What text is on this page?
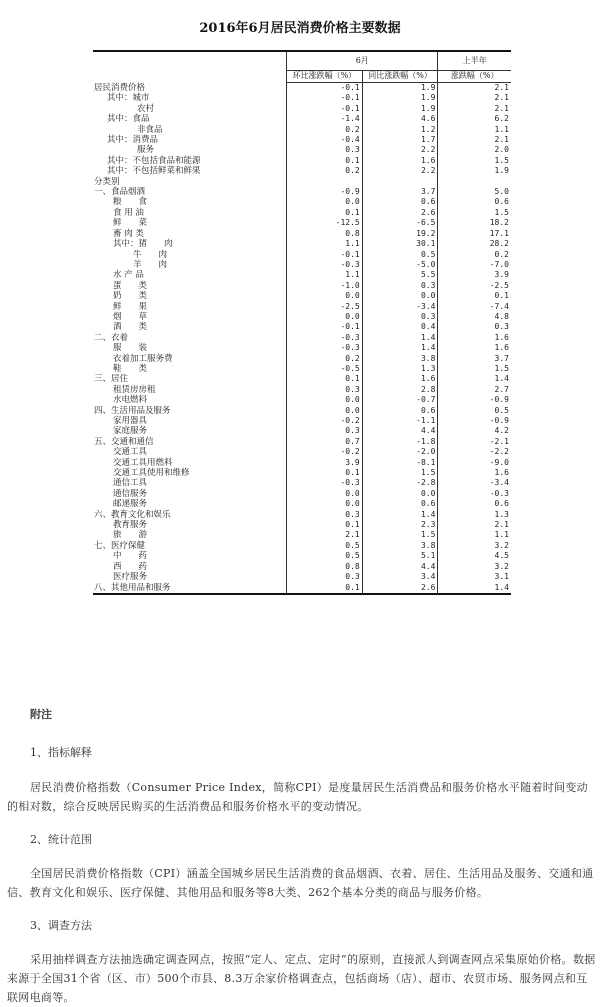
2016年6月居民消费价格主要数据
	6月		上半年
	环比涨跌幅（%）	同比涨跌幅（%）	涨跌幅（%）
居民消费价格	-0.1	1.9	2.1
其中：城市	-0.1	1.9	2.1
农村	-0.1	1.9	2.1
其中：食品	-1.4	4.6	6.2
非食品	0.2	1.2	1.1
其中：消费品	-0.4	1.7	2.1
服务	0.3	2.2	2.0
其中：不包括食品和能源	0.1	1.6	1.5
其中：不包括鲜菜和鲜果	0.2	2.2	1.9
分类别			
一、食品烟酒	-0.9	3.7	5.0
粮　　食	0.0	0.6	0.6
食 用 油	0.1	2.6	1.5
鲜　　菜	-12.5	-6.5	18.2
畜 肉 类	0.8	19.2	17.1
其中：猪　　肉	1.1	30.1	28.2
牛　　肉	-0.1	0.5	0.2
羊　　肉	-0.3	-5.0	-7.0
水 产 品	1.1	5.5	3.9
蛋　　类	-1.0	0.3	-2.5
奶　　类	0.0	0.0	0.1
鲜　　果	-2.5	-3.4	-7.4
烟　　草	0.0	0.3	4.8
酒　　类	-0.1	0.4	0.3
二、衣着	-0.3	1.4	1.6
服　　装	-0.3	1.4	1.6
衣着加工服务费	0.2	3.8	3.7
鞋　　类	-0.5	1.3	1.5
三、居住	0.1	1.6	1.4
租赁房房租	0.3	2.8	2.7
水电燃料	0.0	-0.7	-0.9
四、生活用品及服务	0.0	0.6	0.5
家用器具	-0.2	-1.1	-0.9
家庭服务	0.3	4.4	4.2
五、交通和通信	0.7	-1.8	-2.1
交通工具	-0.2	-2.0	-2.2
交通工具用燃料	3.9	-8.1	-9.0
交通工具使用和维修	0.1	1.5	1.6
通信工具	-0.3	-2.8	-3.4
通信服务	0.0	0.0	-0.3
邮递服务	0.0	0.6	0.6
六、教育文化和娱乐	0.3	1.4	1.3
教育服务	0.1	2.3	2.1
旅　　游	2.1	1.5	1.1
七、医疗保健	0.5	3.8	3.2
中　　药	0.5	5.1	4.5
西　　药	0.8	4.4	3.2
医疗服务	0.3	3.4	3.1
八、其他用品和服务	0.1	2.6	1.4
附注
1、指标解释
居民消费价格指数（Consumer Price Index，简称CPI）是度量居民生活消费品和服务价格水平随着时间变动的相对数，综合反映居民购买的生活消费品和服务价格水平的变动情况。
2、统计范围
全国居民消费价格指数（CPI）涵盖全国城乡居民生活消费的食品烟酒、衣着、居住、生活用品及服务、交通和通信、教育文化和娱乐、医疗保健、其他用品和服务等8大类、262个基本分类的商品与服务价格。
3、调查方法
采用抽样调查方法抽选确定调查网点，按照“定人、定点、定时”的原则，直接派人到调查网点采集原始价格。数据来源于全国31个省（区、市）500个市县、8.3万余家价格调查点，包括商场（店）、超市、农贸市场、服务网点和互联网电商等。
